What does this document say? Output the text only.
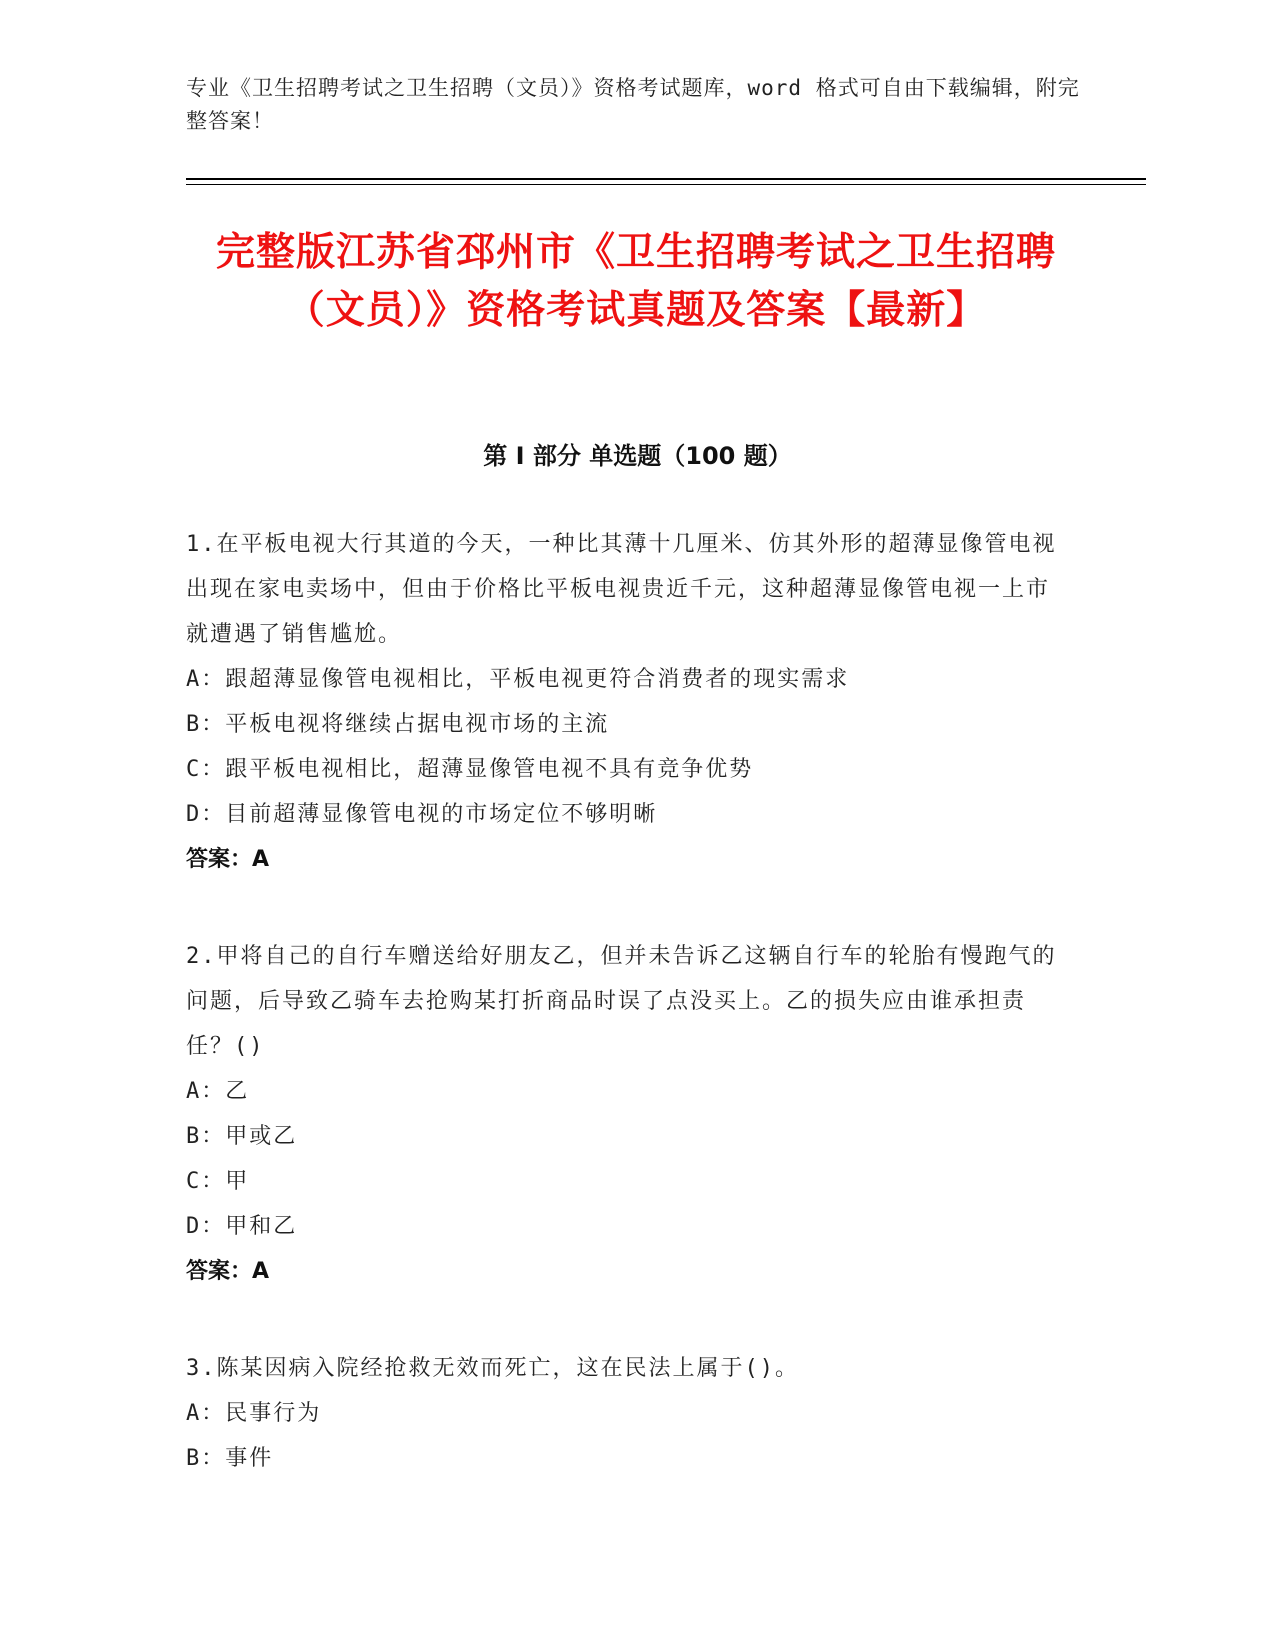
专业《卫生招聘考试之卫生招聘（文员）》资格考试题库，word 格式可自由下载编辑，附完整答案！
完整版江苏省邳州市《卫生招聘考试之卫生招聘（文员）》资格考试真题及答案【最新】
第 I 部分 单选题（100 题）
1.在平板电视大行其道的今天，一种比其薄十几厘米、仿其外形的超薄显像管电视出现在家电卖场中，但由于价格比平板电视贵近千元，这种超薄显像管电视一上市就遭遇了销售尴尬。
A：跟超薄显像管电视相比，平板电视更符合消费者的现实需求
B：平板电视将继续占据电视市场的主流
C：跟平板电视相比，超薄显像管电视不具有竞争优势
D：目前超薄显像管电视的市场定位不够明晰
答案：A
2.甲将自己的自行车赠送给好朋友乙，但并未告诉乙这辆自行车的轮胎有慢跑气的问题，后导致乙骑车去抢购某打折商品时误了点没买上。乙的损失应由谁承担责任？()
A：乙
B：甲或乙
C：甲
D：甲和乙
答案：A
3.陈某因病入院经抢救无效而死亡，这在民法上属于()。
A：民事行为
B：事件
